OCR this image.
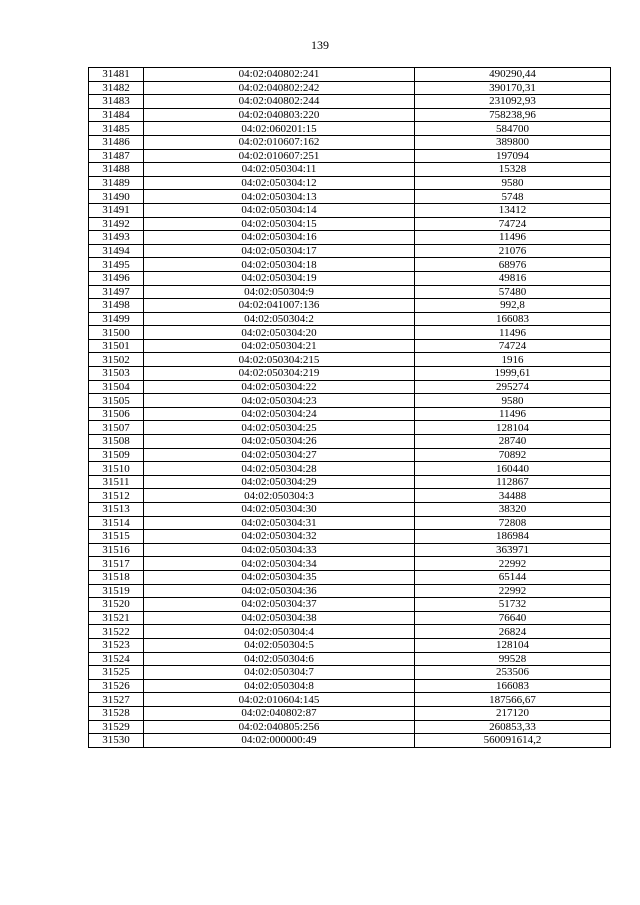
139
31481	04:02:040802:241	490290,44
31482	04:02:040802:242	390170,31
31483	04:02:040802:244	231092,93
31484	04:02:040803:220	758238,96
31485	04:02:060201:15	584700
31486	04:02:010607:162	389800
31487	04:02:010607:251	197094
31488	04:02:050304:11	15328
31489	04:02:050304:12	9580
31490	04:02:050304:13	5748
31491	04:02:050304:14	13412
31492	04:02:050304:15	74724
31493	04:02:050304:16	11496
31494	04:02:050304:17	21076
31495	04:02:050304:18	68976
31496	04:02:050304:19	49816
31497	04:02:050304:9	57480
31498	04:02:041007:136	992,8
31499	04:02:050304:2	166083
31500	04:02:050304:20	11496
31501	04:02:050304:21	74724
31502	04:02:050304:215	1916
31503	04:02:050304:219	1999,61
31504	04:02:050304:22	295274
31505	04:02:050304:23	9580
31506	04:02:050304:24	11496
31507	04:02:050304:25	128104
31508	04:02:050304:26	28740
31509	04:02:050304:27	70892
31510	04:02:050304:28	160440
31511	04:02:050304:29	112867
31512	04:02:050304:3	34488
31513	04:02:050304:30	38320
31514	04:02:050304:31	72808
31515	04:02:050304:32	186984
31516	04:02:050304:33	363971
31517	04:02:050304:34	22992
31518	04:02:050304:35	65144
31519	04:02:050304:36	22992
31520	04:02:050304:37	51732
31521	04:02:050304:38	76640
31522	04:02:050304:4	26824
31523	04:02:050304:5	128104
31524	04:02:050304:6	99528
31525	04:02:050304:7	253506
31526	04:02:050304:8	166083
31527	04:02:010604:145	187566,67
31528	04:02:040802:87	217120
31529	04:02:040805:256	260853,33
31530	04:02:000000:49	560091614,2
